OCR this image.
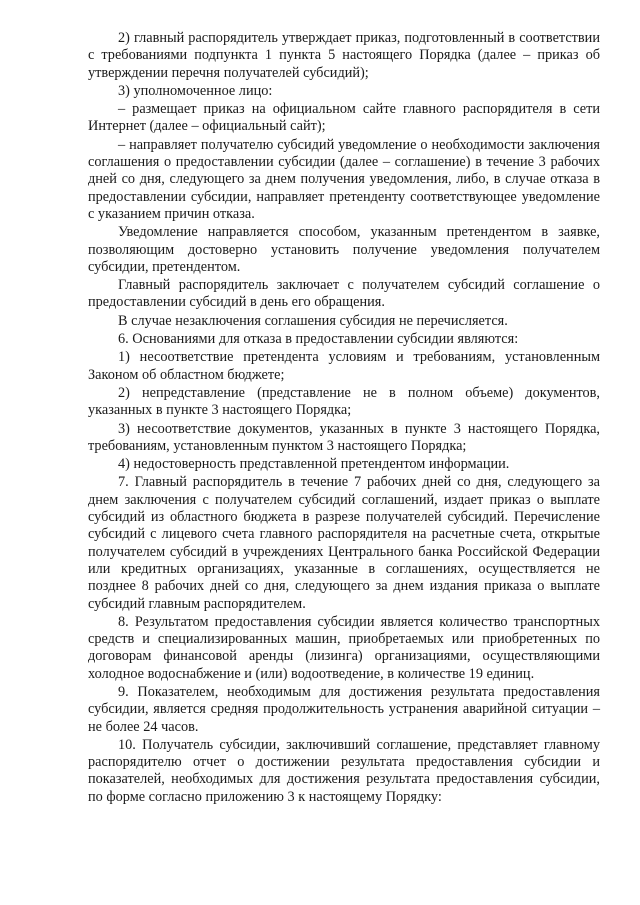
2) главный распорядитель утверждает приказ, подготовленный в соответствии с требованиями подпункта 1 пункта 5 настоящего Порядка (далее – приказ об утверждении перечня получателей субсидий);

3) уполномоченное лицо:

– размещает приказ на официальном сайте главного распорядителя в сети Интернет (далее – официальный сайт);

– направляет получателю субсидий уведомление о необходимости заключения соглашения о предоставлении субсидии (далее – соглашение) в течение 3 рабочих дней со дня, следующего за днем получения уведомления, либо, в случае отказа в предоставлении субсидии, направляет претенденту соответствующее уведомление с указанием причин отказа.

Уведомление направляется способом, указанным претендентом в заявке, позволяющим достоверно установить получение уведомления получателем субсидии, претендентом.

Главный распорядитель заключает с получателем субсидий соглашение о предоставлении субсидий в день его обращения.

В случае незаключения соглашения субсидия не перечисляется.

6. Основаниями для отказа в предоставлении субсидии являются:

1) несоответствие претендента условиям и требованиям, установленным Законом об областном бюджете;

2) непредставление (представление не в полном объеме) документов, указанных в пункте 3 настоящего Порядка;

3) несоответствие документов, указанных в пункте 3 настоящего Порядка, требованиям, установленным пунктом 3 настоящего Порядка;

4) недостоверность представленной претендентом информации.

7. Главный распорядитель в течение 7 рабочих дней со дня, следующего за днем заключения с получателем субсидий соглашений, издает приказ о выплате субсидий из областного бюджета в разрезе получателей субсидий. Перечисление субсидий с лицевого счета главного распорядителя на расчетные счета, открытые получателем субсидий в учреждениях Центрального банка Российской Федерации или кредитных организациях, указанные в соглашениях, осуществляется не позднее 8 рабочих дней со дня, следующего за днем издания приказа о выплате субсидий главным распорядителем.

8. Результатом предоставления субсидии является количество транспортных средств и специализированных машин, приобретаемых или приобретенных по договорам финансовой аренды (лизинга) организациями, осуществляющими холодное водоснабжение и (или) водоотведение, в количестве 19 единиц.

9. Показателем, необходимым для достижения результата предоставления субсидии, является средняя продолжительность устранения аварийной ситуации – не более 24 часов.

10. Получатель субсидии, заключивший соглашение, представляет главному распорядителю отчет о достижении результата предоставления субсидии и показателей, необходимых для достижения результата предоставления субсидии, по форме согласно приложению 3 к настоящему Порядку:
